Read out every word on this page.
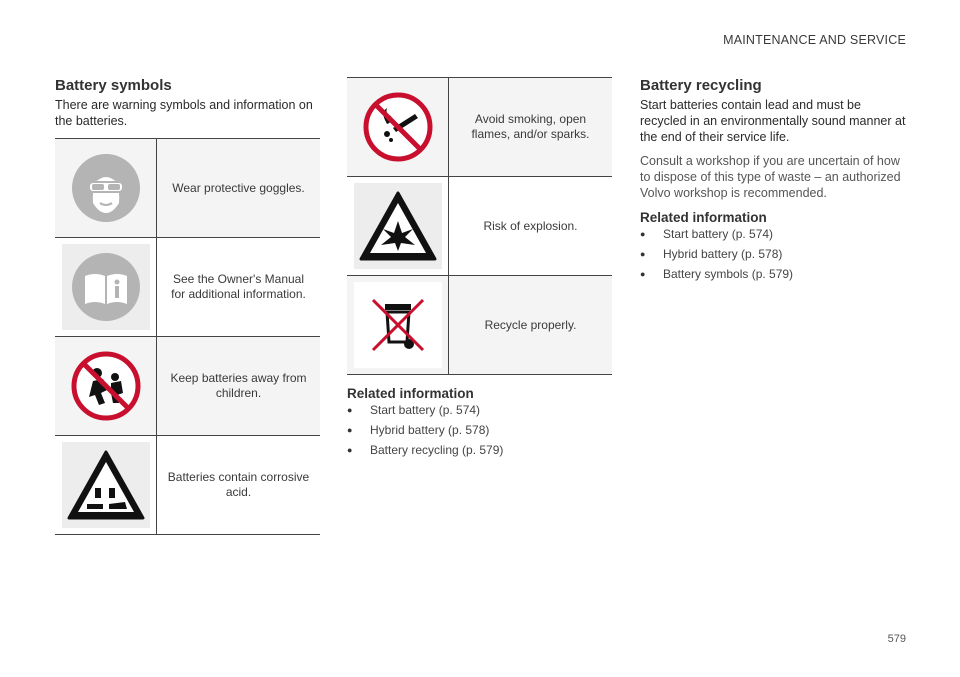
MAINTENANCE AND SERVICE
Battery symbols

There are warning symbols and information on the batteries.

Wear protective goggles.
See the Owner's Manual for additional information.
Keep batteries away from children.
Batteries contain corrosive acid.
Avoid smoking, open flames, and/or sparks.
Risk of explosion.
Recycle properly.
Related information
●	Start battery (p. 574)
●	Hybrid battery (p. 578)
●	Battery recycling (p. 579)
Battery recycling

Start batteries contain lead and must be recycled in an environmentally sound manner at the end of their service life.

Consult a workshop if you are uncertain of how to dispose of this type of waste – an authorized Volvo workshop is recommended.

Related information
●	Start battery (p. 574)
●	Hybrid battery (p. 578)
●	Battery symbols (p. 579)
579
